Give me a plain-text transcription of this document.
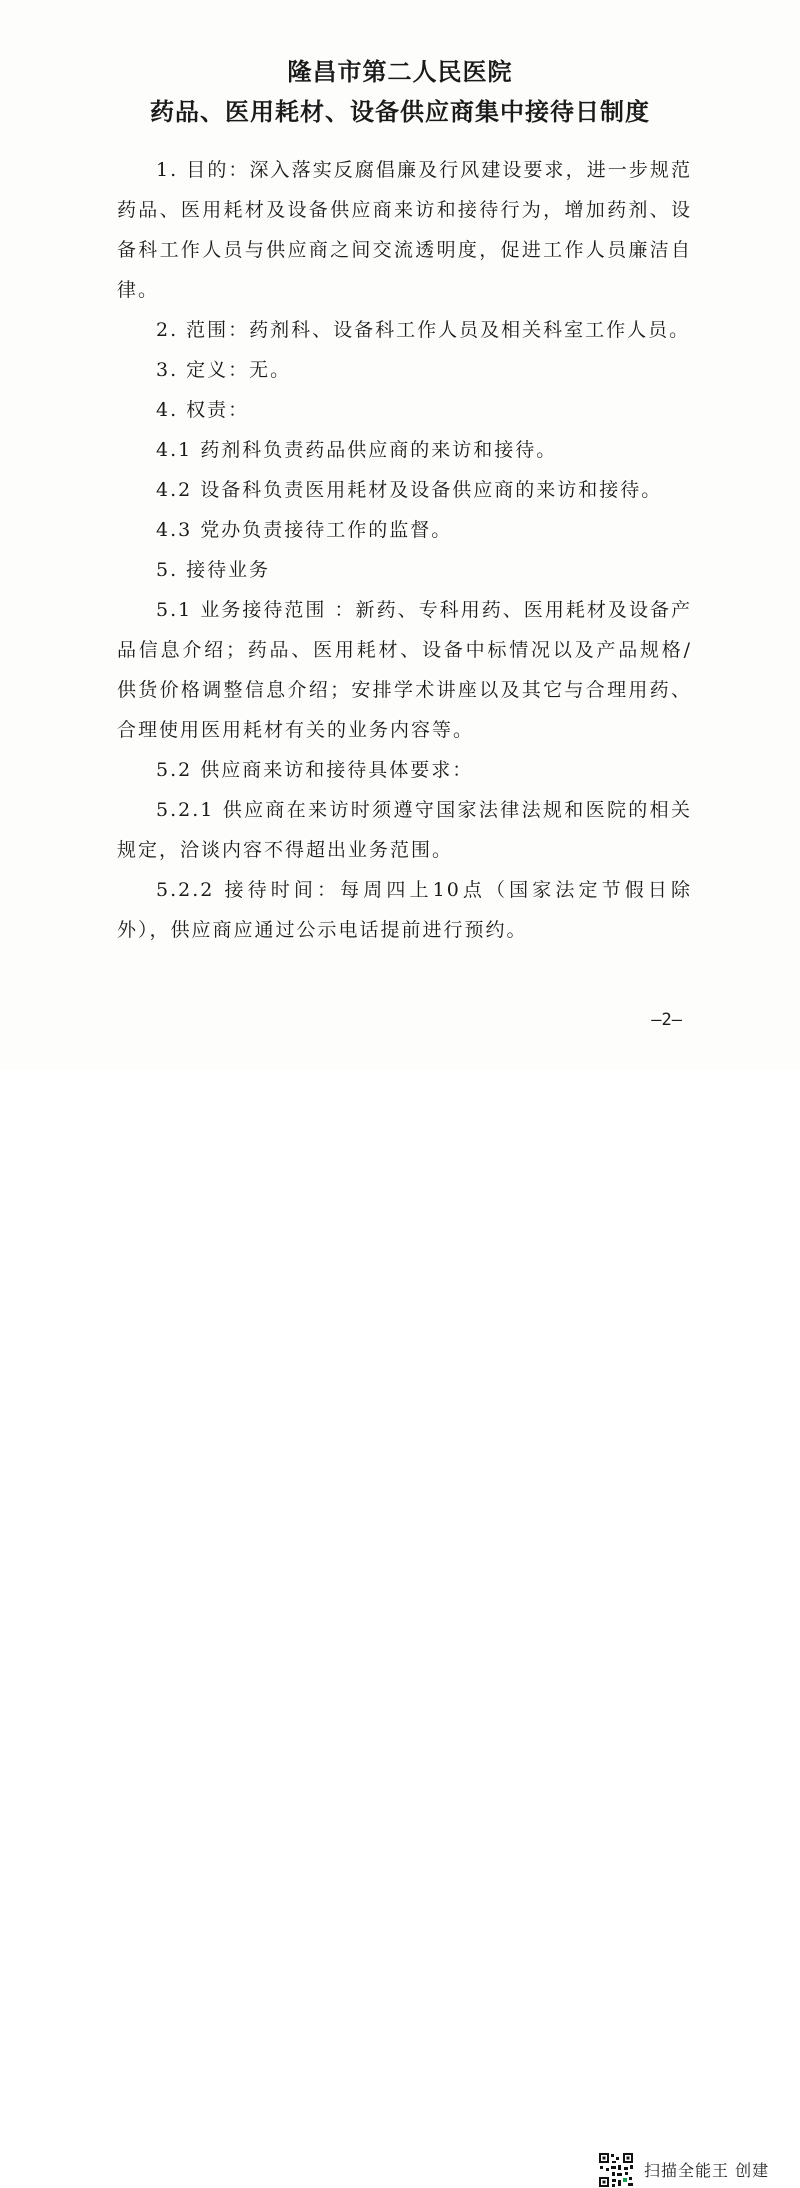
隆昌市第二人民医院
药品、医用耗材、设备供应商集中接待日制度

1. 目的：深入落实反腐倡廉及行风建设要求，进一步规范药品、医用耗材及设备供应商来访和接待行为，增加药剂、设备科工作人员与供应商之间交流透明度，促进工作人员廉洁自律。

2. 范围：药剂科、设备科工作人员及相关科室工作人员。

3. 定义：无。

4. 权责：

4.1 药剂科负责药品供应商的来访和接待。

4.2 设备科负责医用耗材及设备供应商的来访和接待。

4.3 党办负责接待工作的监督。

5. 接待业务

5.1 业务接待范围 ：新药、专科用药、医用耗材及设备产品信息介绍；药品、医用耗材、设备中标情况以及产品规格/供货价格调整信息介绍；安排学术讲座以及其它与合理用药、合理使用医用耗材有关的业务内容等。

5.2 供应商来访和接待具体要求：

5.2.1 供应商在来访时须遵守国家法律法规和医院的相关规定，洽谈内容不得超出业务范围。

5.2.2 接待时间：每周四上10点（国家法定节假日除外），供应商应通过公示电话提前进行预约。

—2—
扫描全能王 创建
